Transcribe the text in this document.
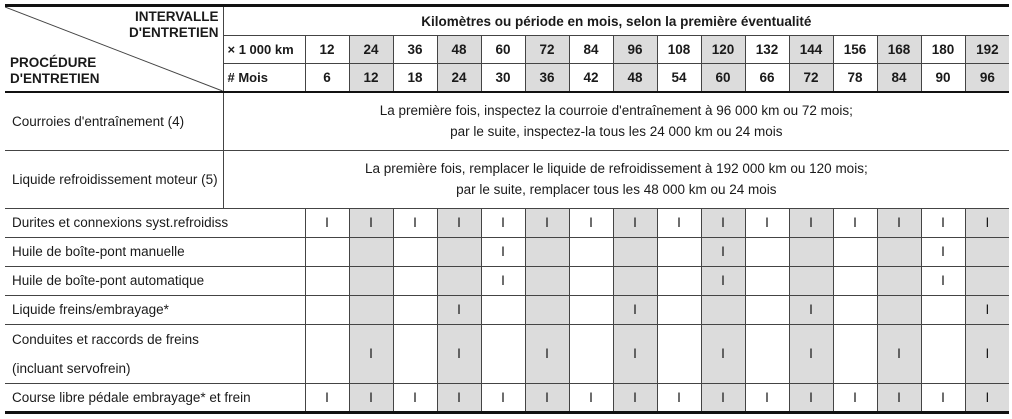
INTERVALLE
D'ENTRETIEN
PROCÉDURE
D'ENTRETIEN	Kilomètres ou période en mois, selon la première éventualité																
	× 1 000 km	12	24	36	48	60	72	84	96	108	120	132	144	156	168	180	192
	# Mois	6	12	18	24	30	36	42	48	54	60	66	72	78	84	90	96
Courroies d'entraînement (4)	La première fois, inspectez la courroie d'entraînement à 96 000 km ou 72 mois;
par le suite, inspectez-la tous les 24 000 km ou 24 mois																

Liquide refroidissement moteur (5)	La première fois, remplacer le liquide de refroidissement à 192 000 km ou 120 mois;
par le suite, remplacer tous les 48 000 km ou 24 mois																

Durites et connexions syst.refroidiss		I	I	I	I	I	I	I	I	I	I	I	I	I	I	I	I
Huile de boîte-pont manuelle						I					I					I	
Huile de boîte-pont automatique						I					I					I	
Liquide freins/embrayage*					I				I				I				I

Conduites et raccords de freins
(incluant servofrein)			I		I		I		I		I		I		I		I
Course libre pédale embrayage* et frein		I	I	I	I	I	I	I	I	I	I	I	I	I	I	I	I
